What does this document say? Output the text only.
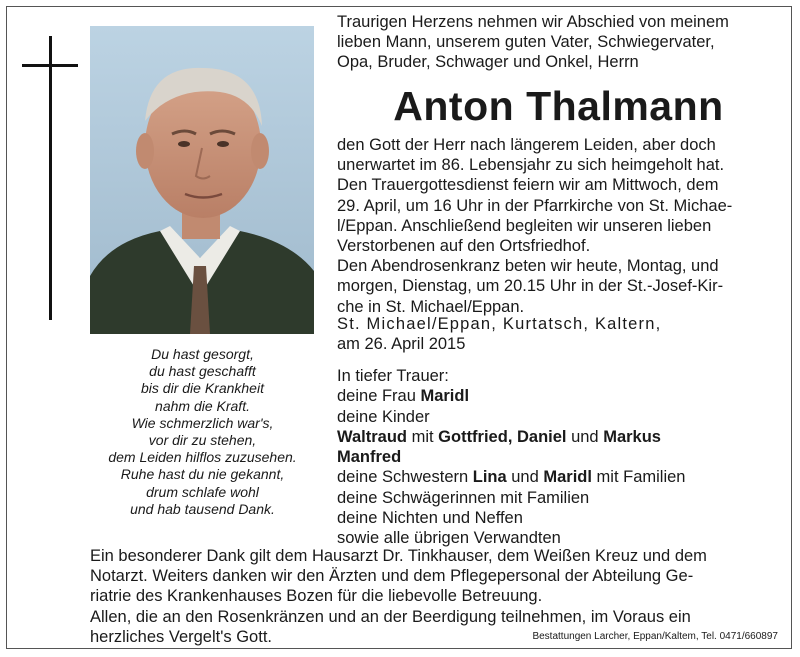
Du hast gesorgt,
du hast geschafft
bis dir die Krankheit
nahm die Kraft.
Wie schmerzlich war's,
vor dir zu stehen,
dem Leiden hilflos zuzusehen.
Ruhe hast du nie gekannt,
drum schlafe wohl
und hab tausend Dank.
Traurigen Herzens nehmen wir Abschied von meinem
lieben Mann, unserem guten Vater, Schwiegervater,
Opa, Bruder, Schwager und Onkel, Herrn
Anton Thalmann
den Gott der Herr nach längerem Leiden, aber doch
unerwartet im 86. Lebensjahr zu sich heimgeholt hat.
Den Trauergottesdienst feiern wir am Mittwoch, dem
29. April, um 16 Uhr in der Pfarrkirche von St. Michae-
l/Eppan. Anschließend begleiten wir unseren lieben
Verstorbenen auf den Ortsfriedhof.
Den Abendrosenkranz beten wir heute, Montag, und
morgen, Dienstag, um 20.15 Uhr in der St.-Josef-Kir-
che in St. Michael/Eppan.
St. Michael/Eppan, Kurtatsch, Kaltern,
am 26. April 2015
In tiefer Trauer:
deine Frau Maridl
deine Kinder
Waltraud mit Gottfried, Daniel und Markus
Manfred
deine Schwestern Lina und Maridl mit Familien
deine Schwägerinnen mit Familien
deine Nichten und Neffen
sowie alle übrigen Verwandten
Ein besonderer Dank gilt dem Hausarzt Dr. Tinkhauser, dem Weißen Kreuz und dem
Notarzt. Weiters danken wir den Ärzten und dem Pflegepersonal der Abteilung Ge-
riatrie des Krankenhauses Bozen für die liebevolle Betreuung.
Allen, die an den Rosenkränzen und an der Beerdigung teilnehmen, im Voraus ein
herzliches Vergelt's Gott.	Bestattungen Larcher, Eppan/Kaltem, Tel. 0471/660897
